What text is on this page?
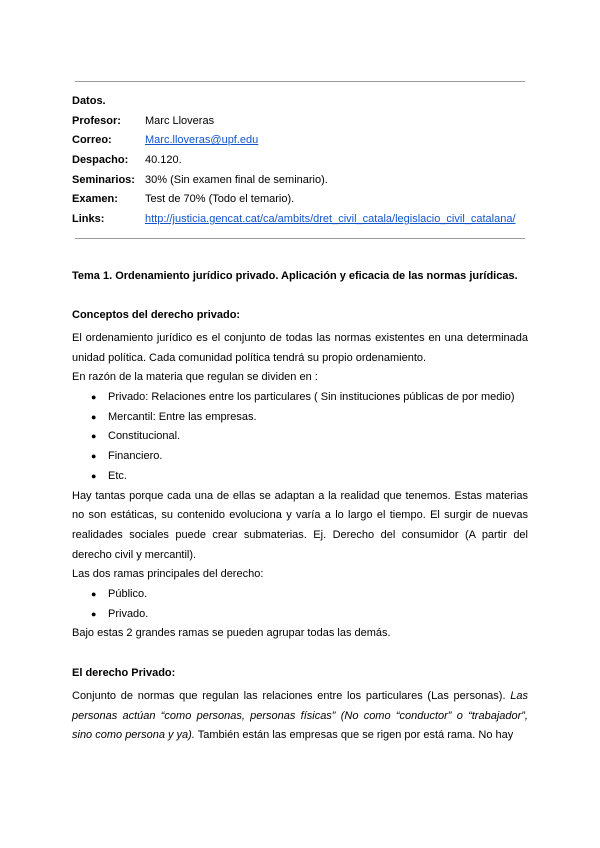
Datos.
Profesor:	Marc Lloveras
Correo:	Marc.lloveras@upf.edu
Despacho:	40.120.
Seminarios: 30% (Sin examen final de seminario).
Examen:	Test de 70% (Todo el temario).
Links:	http://justicia.gencat.cat/ca/ambits/dret_civil_catala/legislacio_civil_catalana/
Tema 1. Ordenamiento jurídico privado. Aplicación y eficacia de las normas jurídicas.
Conceptos del derecho privado:
El ordenamiento jurídico es el conjunto de todas las normas existentes en una determinada unidad política. Cada comunidad política tendrá su propio ordenamiento.
En razón de la materia que regulan se dividen en :
● Privado: Relaciones entre los particulares ( Sin instituciones públicas de por medio)
● Mercantil: Entre las empresas.
● Constitucional.
● Financiero.
● Etc.
Hay tantas porque cada una de ellas se adaptan a la realidad que tenemos. Estas materias no son estáticas, su contenido evoluciona y varía a lo largo el tiempo. El surgir de nuevas realidades sociales puede crear submaterias. Ej. Derecho del consumidor (A partir del derecho civil y mercantil).
Las dos ramas principales del derecho:
● Público.
● Privado.
Bajo estas 2 grandes ramas se pueden agrupar todas las demás.
El derecho Privado:
Conjunto de normas que regulan las relaciones entre los particulares (Las personas). Las personas actúan “como personas, personas físicas” (No como “conductor” o “trabajador”, sino como persona y ya). También están las empresas que se rigen por está rama. No hay
